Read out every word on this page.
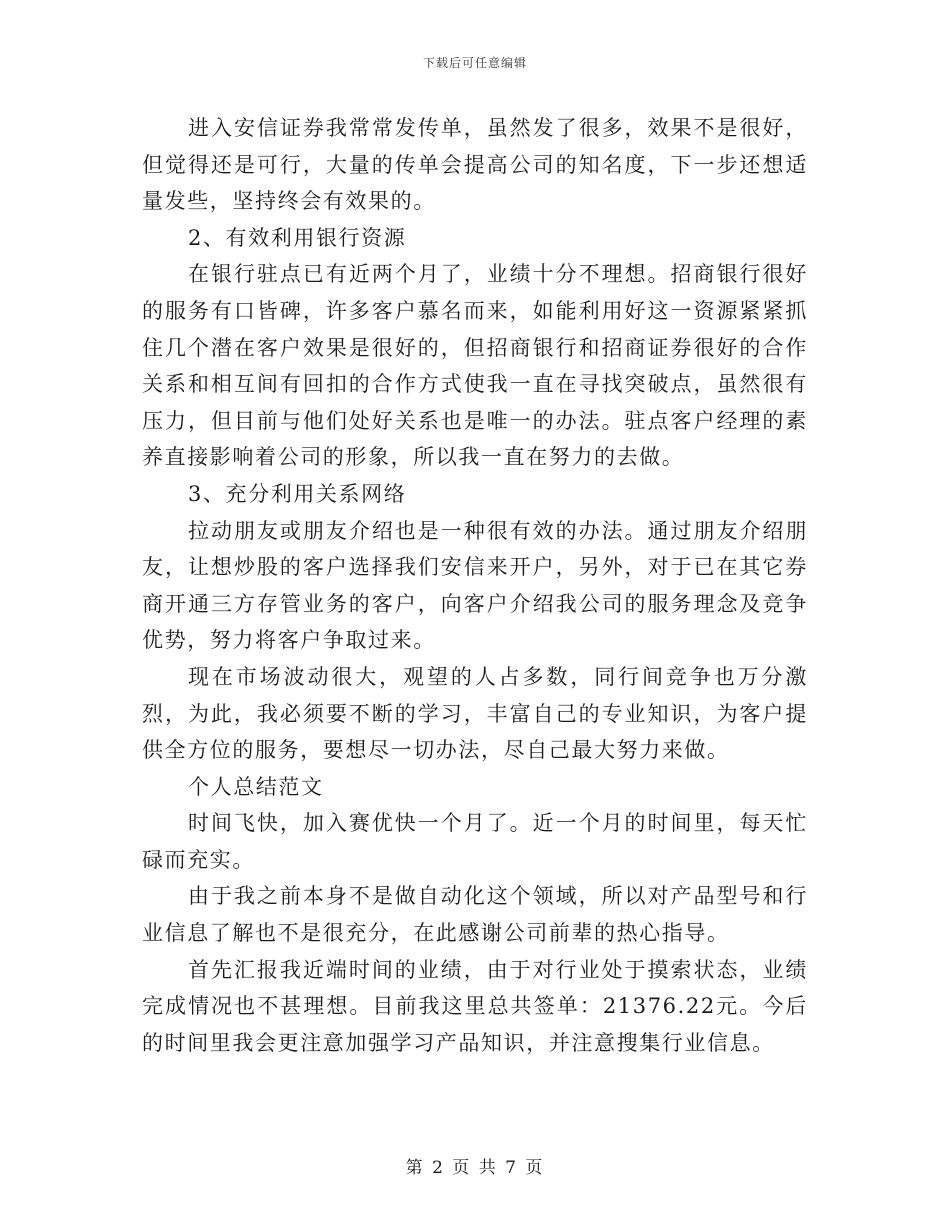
下载后可任意编辑

进入安信证券我常常发传单，虽然发了很多，效果不是很好，但觉得还是可行，大量的传单会提高公司的知名度，下一步还想适量发些，坚持终会有效果的。

2、有效利用银行资源

在银行驻点已有近两个月了，业绩十分不理想。招商银行很好的服务有口皆碑，许多客户慕名而来，如能利用好这一资源紧紧抓住几个潜在客户效果是很好的，但招商银行和招商证券很好的合作关系和相互间有回扣的合作方式使我一直在寻找突破点，虽然很有压力，但目前与他们处好关系也是唯一的办法。驻点客户经理的素养直接影响着公司的形象，所以我一直在努力的去做。

3、充分利用关系网络

拉动朋友或朋友介绍也是一种很有效的办法。通过朋友介绍朋友，让想炒股的客户选择我们安信来开户，另外，对于已在其它券商开通三方存管业务的客户，向客户介绍我公司的服务理念及竞争优势，努力将客户争取过来。

现在市场波动很大，观望的人占多数，同行间竞争也万分激烈，为此，我必须要不断的学习，丰富自己的专业知识，为客户提供全方位的服务，要想尽一切办法，尽自己最大努力来做。

个人总结范文

时间飞快，加入赛优快一个月了。近一个月的时间里，每天忙碌而充实。

由于我之前本身不是做自动化这个领域，所以对产品型号和行业信息了解也不是很充分，在此感谢公司前辈的热心指导。

首先汇报我近端时间的业绩，由于对行业处于摸索状态，业绩完成情况也不甚理想。目前我这里总共签单：21376.22元。今后的时间里我会更注意加强学习产品知识，并注意搜集行业信息。

第 2 页 共 7 页
